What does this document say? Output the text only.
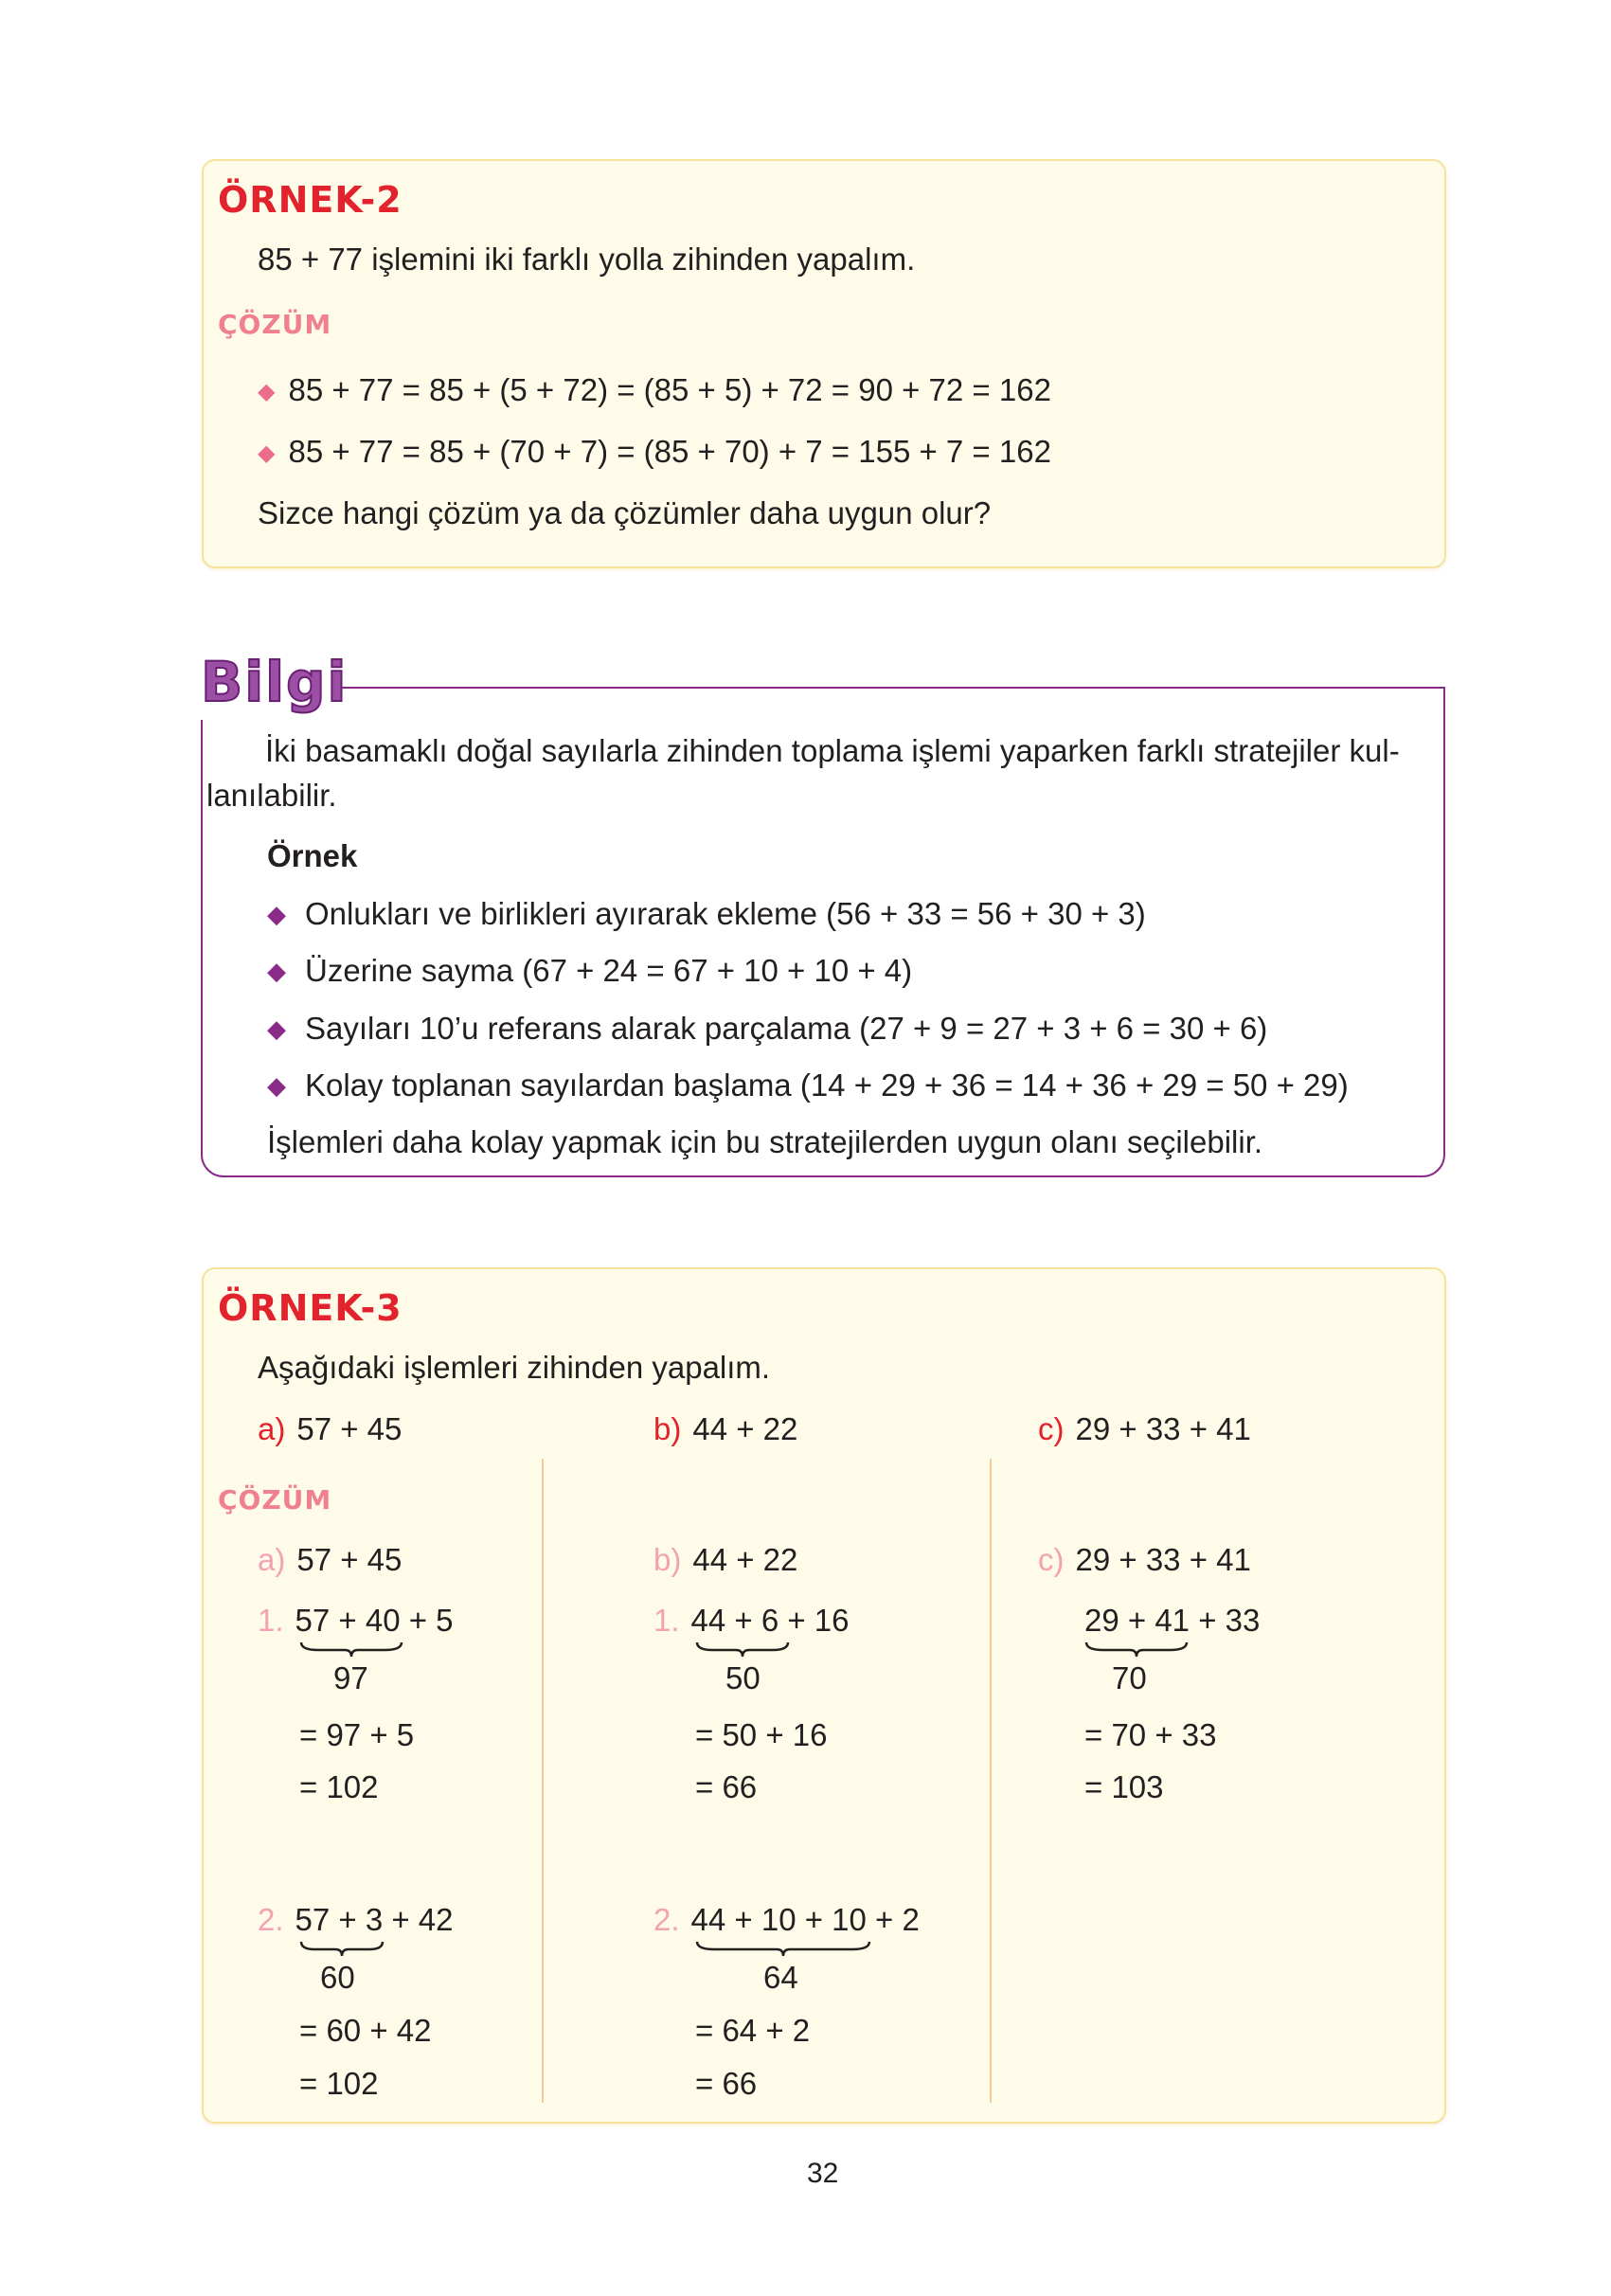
ÖRNEK-2
85 + 77 işlemini iki farklı yolla zihinden yapalım.
ÇÖZÜM
◆ 85 + 77 = 85 + (5 + 72) = (85 + 5) + 72 = 90 + 72 = 162
◆ 85 + 77 = 85 + (70 + 7) = (85 + 70) + 7 = 155 + 7 = 162
Sizce hangi çözüm ya da çözümler daha uygun olur?
Bilgi
İki basamaklı doğal sayılarla zihinden toplama işlemi yaparken farklı stratejiler kul-
lanılabilir.
Örnek
◆ Onlukları ve birlikleri ayırarak ekleme (56 + 33 = 56 + 30 + 3)
◆ Üzerine sayma (67 + 24 = 67 + 10 + 10 + 4)
◆ Sayıları 10’u referans alarak parçalama (27 + 9 = 27 + 3 + 6 = 30 + 6)
◆ Kolay toplanan sayılardan başlama (14 + 29 + 36 = 14 + 36 + 29 = 50 + 29)
İşlemleri daha kolay yapmak için bu stratejilerden uygun olanı seçilebilir.
ÖRNEK-3
Aşağıdaki işlemleri zihinden yapalım.
a) 57 + 45	b) 44 + 22	c) 29 + 33 + 41
ÇÖZÜM
a) 57 + 45
1. 57 + 40 + 5
97
= 97 + 5
= 102
2. 57 + 3 + 42
60
= 60 + 42
= 102
b) 44 + 22
1. 44 + 6 + 16
50
= 50 + 16
= 66
2. 44 + 10 + 10 + 2
64
= 64 + 2
= 66
c) 29 + 33 + 41
29 + 41 + 33
70
= 70 + 33
= 103
32
